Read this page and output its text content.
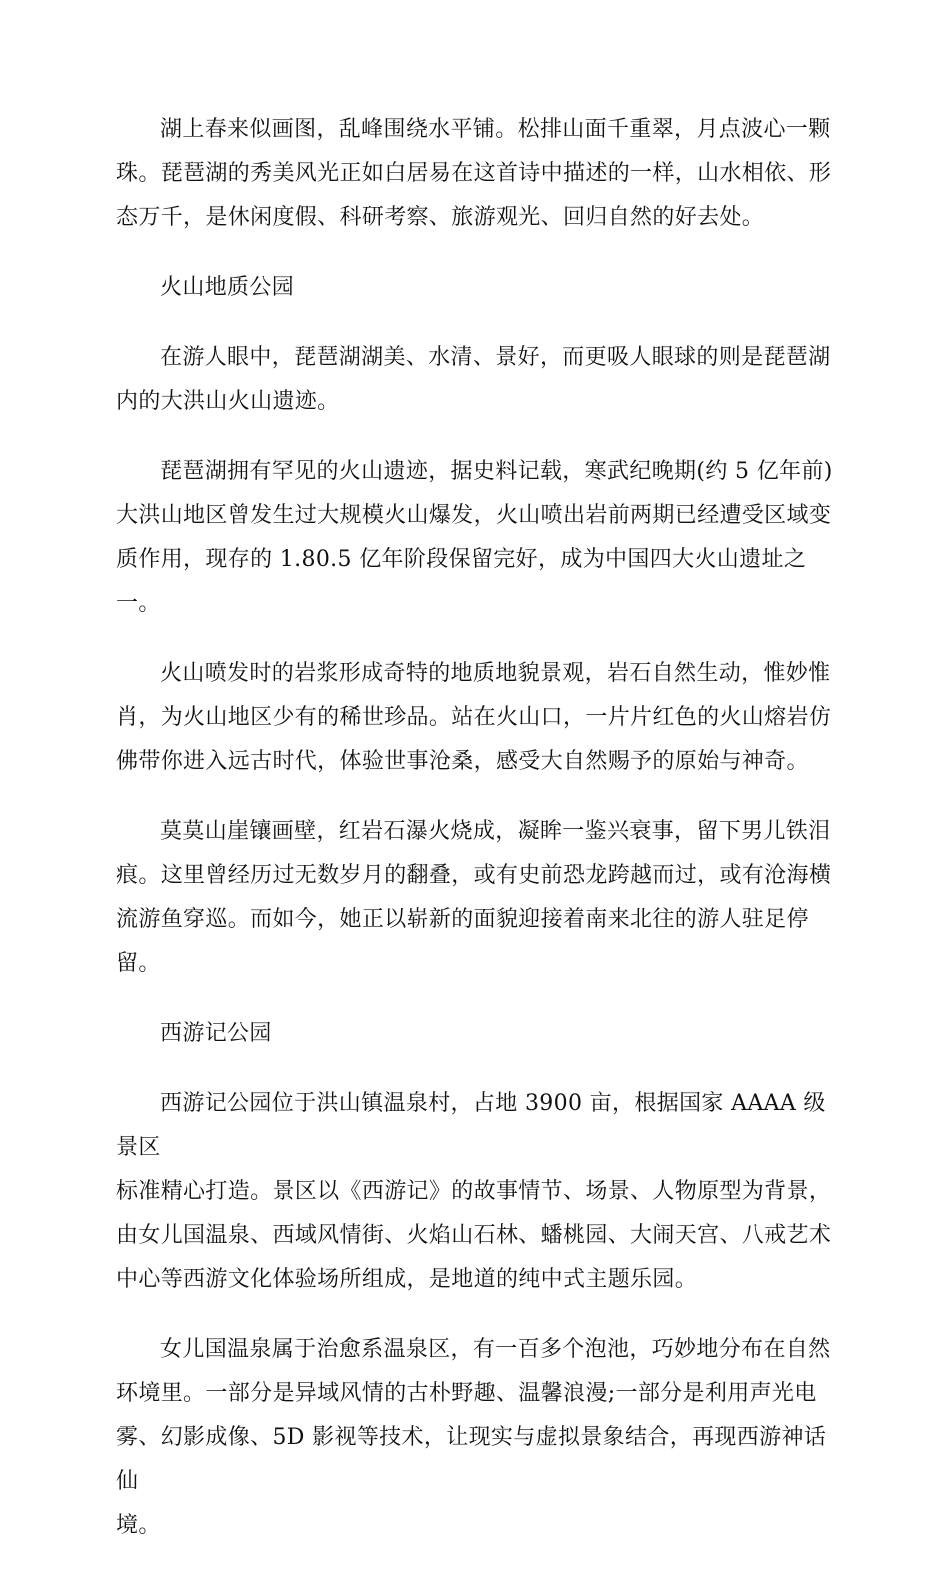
湖上春来似画图，乱峰围绕水平铺。松排山面千重翠，月点波心一颗
珠。琵琶湖的秀美风光正如白居易在这首诗中描述的一样，山水相依、形
态万千，是休闲度假、科研考察、旅游观光、回归自然的好去处。

火山地质公园

在游人眼中，琵琶湖湖美、水清、景好，而更吸人眼球的则是琵琶湖
内的大洪山火山遗迹。

琵琶湖拥有罕见的火山遗迹，据史料记载，寒武纪晚期(约 5 亿年前)
大洪山地区曾发生过大规模火山爆发，火山喷出岩前两期已经遭受区域变
质作用，现存的 1.80.5 亿年阶段保留完好，成为中国四大火山遗址之
一。

火山喷发时的岩浆形成奇特的地质地貌景观，岩石自然生动，惟妙惟
肖，为火山地区少有的稀世珍品。站在火山口，一片片红色的火山熔岩仿
佛带你进入远古时代，体验世事沧桑，感受大自然赐予的原始与神奇。

莫莫山崖镶画壁，红岩石瀑火烧成，凝眸一鉴兴衰事，留下男儿铁泪
痕。这里曾经历过无数岁月的翻叠，或有史前恐龙跨越而过，或有沧海横
流游鱼穿巡。而如今，她正以崭新的面貌迎接着南来北往的游人驻足停
留。

西游记公园

西游记公园位于洪山镇温泉村，占地 3900 亩，根据国家 AAAA 级景区
标准精心打造。景区以《西游记》的故事情节、场景、人物原型为背景，
由女儿国温泉、西域风情街、火焰山石林、蟠桃园、大闹天宫、八戒艺术
中心等西游文化体验场所组成，是地道的纯中式主题乐园。

女儿国温泉属于治愈系温泉区，有一百多个泡池，巧妙地分布在自然
环境里。一部分是异域风情的古朴野趣、温馨浪漫;一部分是利用声光电
雾、幻影成像、5D 影视等技术，让现实与虚拟景象结合，再现西游神话仙
境。
